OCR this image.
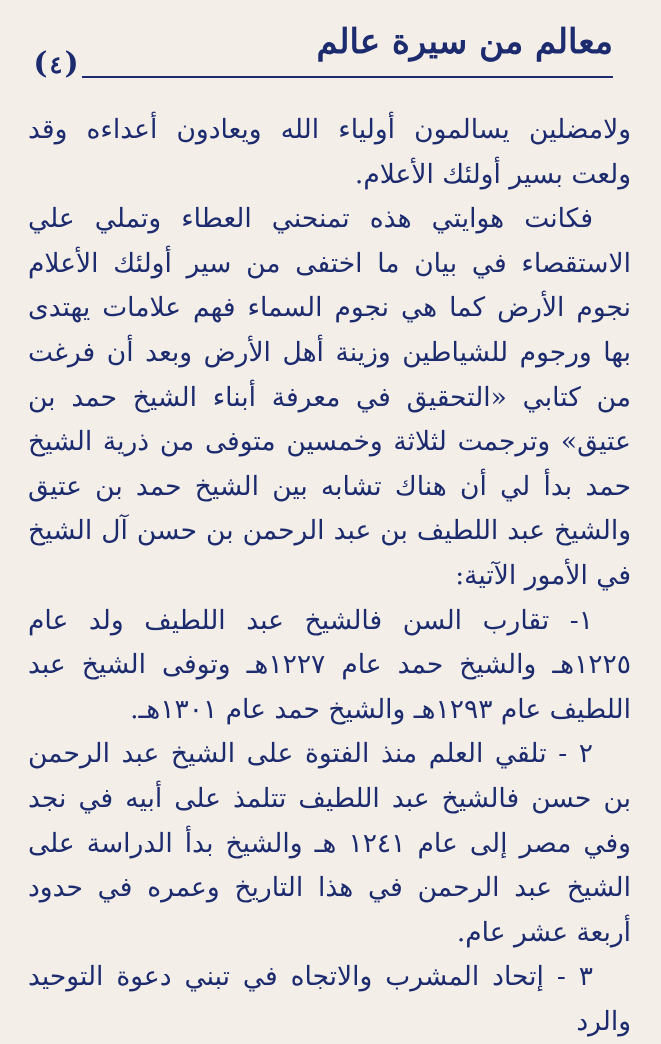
معالم من سيرة عالم
( ٤ )

ولامضلين يسالمون أولياء الله ويعادون أعداءه وقد ولعت بسير أولئك الأعلام.

فكانت هوايتي هذه تمنحني العطاء وتملي علي الاستقصاء في بيان ما اختفى من سير أولئك الأعلام نجوم الأرض كما هي نجوم السماء فهم علامات يهتدى بها ورجوم للشياطين وزينة أهل الأرض وبعد أن فرغت من كتابي «التحقيق في معرفة أبناء الشيخ حمد بن عتيق» وترجمت لثلاثة وخمسين متوفى من ذرية الشيخ حمد بدأ لي أن هناك تشابه بين الشيخ حمد بن عتيق والشيخ عبد اللطيف بن عبد الرحمن بن حسن آل الشيخ في الأمور الآتية:

١- تقارب السن فالشيخ عبد اللطيف ولد عام ١٢٢٥هـ والشيخ حمد عام ١٢٢٧هـ وتوفى الشيخ عبد اللطيف عام ١٢٩٣هـ والشيخ حمد عام ١٣٠١هـ.

٢ - تلقي العلم منذ الفتوة على الشيخ عبد الرحمن بن حسن فالشيخ عبد اللطيف تتلمذ على أبيه في نجد وفي مصر إلى عام ١٢٤١ هـ والشيخ بدأ الدراسة على الشيخ عبد الرحمن في هذا التاريخ وعمره في حدود أربعة عشر عام.

٣ - إتحاد المشرب والاتجاه في تبني دعوة التوحيد والرد
